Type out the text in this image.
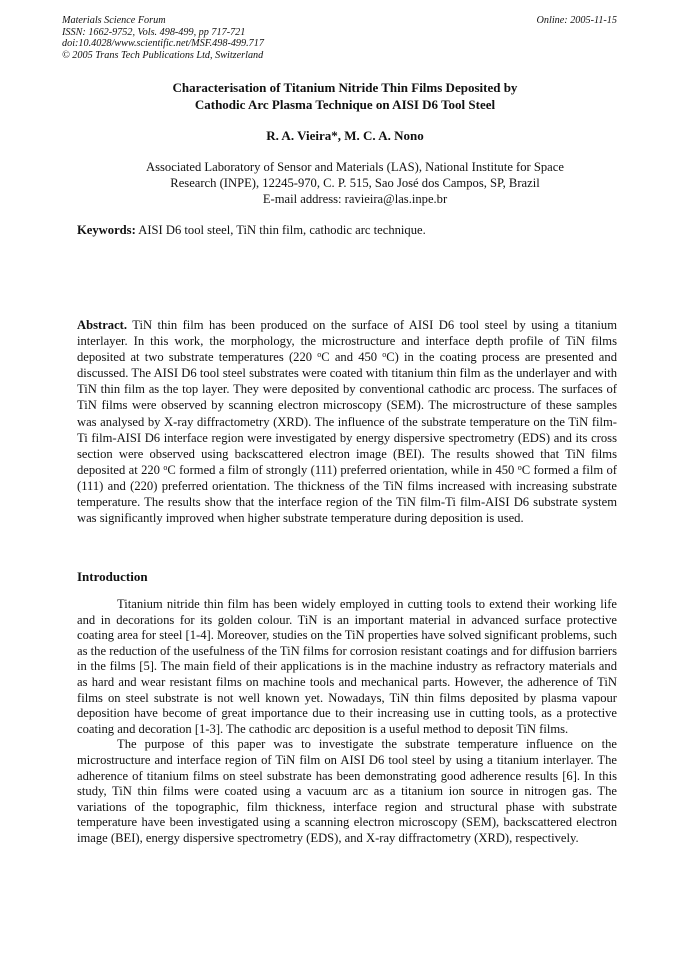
Materials Science Forum
ISSN: 1662-9752, Vols. 498-499, pp 717-721
doi:10.4028/www.scientific.net/MSF.498-499.717
© 2005 Trans Tech Publications Ltd, Switzerland
Online: 2005-11-15
Characterisation of Titanium Nitride Thin Films Deposited by
Cathodic Arc Plasma Technique on AISI D6 Tool Steel
R. A. Vieira*, M. C. A. Nono
Associated Laboratory of Sensor and Materials (LAS), National Institute for Space
Research (INPE), 12245-970, C. P. 515, Sao José dos Campos, SP, Brazil
E-mail address: ravieira@las.inpe.br
Keywords: AISI D6 tool steel, TiN thin film, cathodic arc technique.
Abstract. TiN thin film has been produced on the surface of AISI D6 tool steel by using a titanium interlayer. In this work, the morphology, the microstructure and interface depth profile of TiN films deposited at two substrate temperatures (220 $^o$C and 450 $^o$C) in the coating process are presented and discussed. The AISI D6 tool steel substrates were coated with titanium thin film as the underlayer and with TiN thin film as the top layer. They were deposited by conventional cathodic arc process. The surfaces of TiN films were observed by scanning electron microscopy (SEM). The microstructure of these samples was analysed by X-ray diffractometry (XRD). The influence of the substrate temperature on the TiN film-Ti film-AISI D6 interface region were investigated by energy dispersive spectrometry (EDS) and its cross section were observed using backscattered electron image (BEI). The results showed that TiN films deposited at 220 $^o$C formed a film of strongly (111) preferred orientation, while in 450 $^o$C formed a film of (111) and (220) preferred orientation. The thickness of the TiN films increased with increasing substrate temperature. The results show that the interface region of the TiN film-Ti film-AISI D6 substrate system was significantly improved when higher substrate temperature during deposition is used.
Introduction

Titanium nitride thin film has been widely employed in cutting tools to extend their working life and in decorations for its golden colour. TiN is an important material in advanced surface protective coating area for steel [1-4]. Moreover, studies on the TiN properties have solved significant problems, such as the reduction of the usefulness of the TiN films for corrosion resistant coatings and for diffusion barriers in the films [5]. The main field of their applications is in the machine industry as refractory materials and as hard and wear resistant films on machine tools and mechanical parts. However, the adherence of TiN films on steel substrate is not well known yet. Nowadays, TiN thin films deposited by plasma vapour deposition have become of great importance due to their increasing use in cutting tools, as a protective coating and decoration [1-3]. The cathodic arc deposition is a useful method to deposit TiN films.

The purpose of this paper was to investigate the substrate temperature influence on the microstructure and interface region of TiN film on AISI D6 tool steel by using a titanium interlayer. The adherence of titanium films on steel substrate has been demonstrating good adherence results [6]. In this study, TiN thin films were coated using a vacuum arc as a titanium ion source in nitrogen gas. The variations of the topographic, film thickness, interface region and structural phase with substrate temperature have been investigated using a scanning electron microscopy (SEM), backscattered electron image (BEI), energy dispersive spectrometry (EDS), and X-ray diffractometry (XRD), respectively.
